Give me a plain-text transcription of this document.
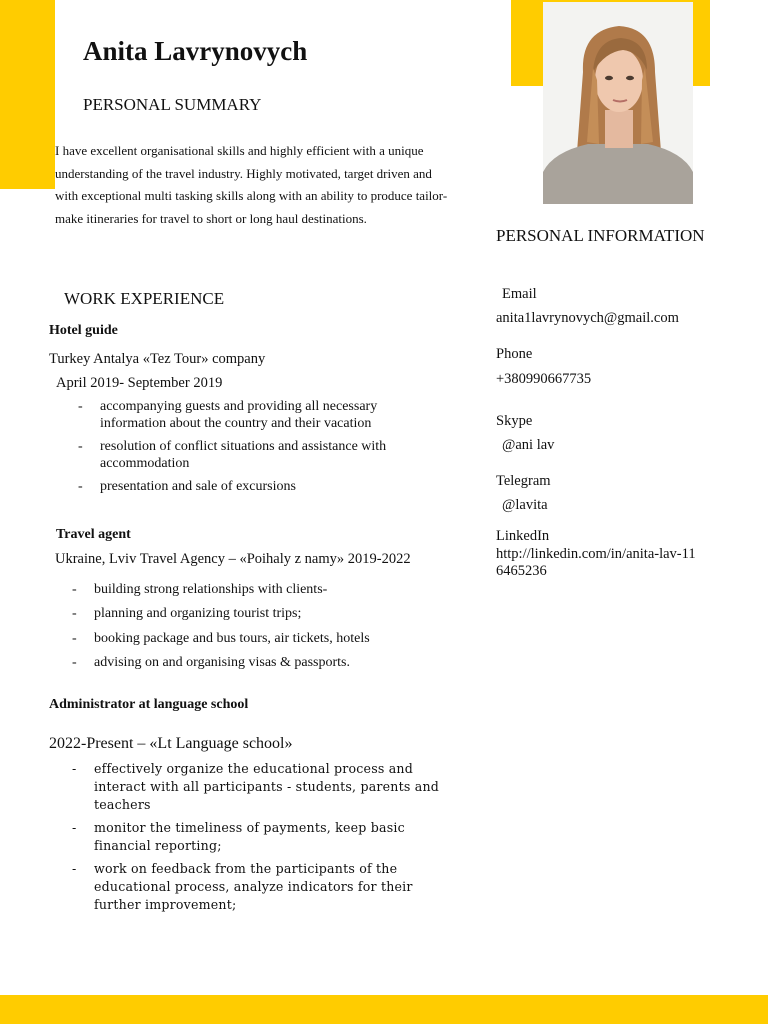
Anita Lavrynovych
PERSONAL SUMMARY
I have excellent organisational skills and highly efficient with a unique understanding of the travel industry. Highly motivated, target driven and with exceptional multi tasking skills along with an ability to produce tailor-make itineraries for travel to short or long haul destinations.
WORK EXPERIENCE
Hotel guide
Turkey Antalya «Tez Tour» company
April 2019- September 2019
- accompanying guests and providing all necessary information about the country and their vacation
- resolution of conflict situations and assistance with accommodation
- presentation and sale of excursions
Travel agent
Ukraine, Lviv Travel Agency – «Poihaly z namy» 2019-2022
- building strong relationships with clients-
- planning and organizing tourist trips;
- booking package and bus tours, air tickets, hotels
- advising on and organising visas & passports.
Administrator at language school
2022-Present – «Lt Language school»
- effectively organize the educational process and interact with all participants - students, parents and teachers
- monitor the timeliness of payments, keep basic financial reporting;
- work on feedback from the participants of the educational process, analyze indicators for their further improvement;
PERSONAL INFORMATION
Email
anita1lavrynovych@gmail.com
Phone
+380990667735
Skype
@ani lav
Telegram
@lavita
LinkedIn
http://linkedin.com/in/anita-lav-116465236
